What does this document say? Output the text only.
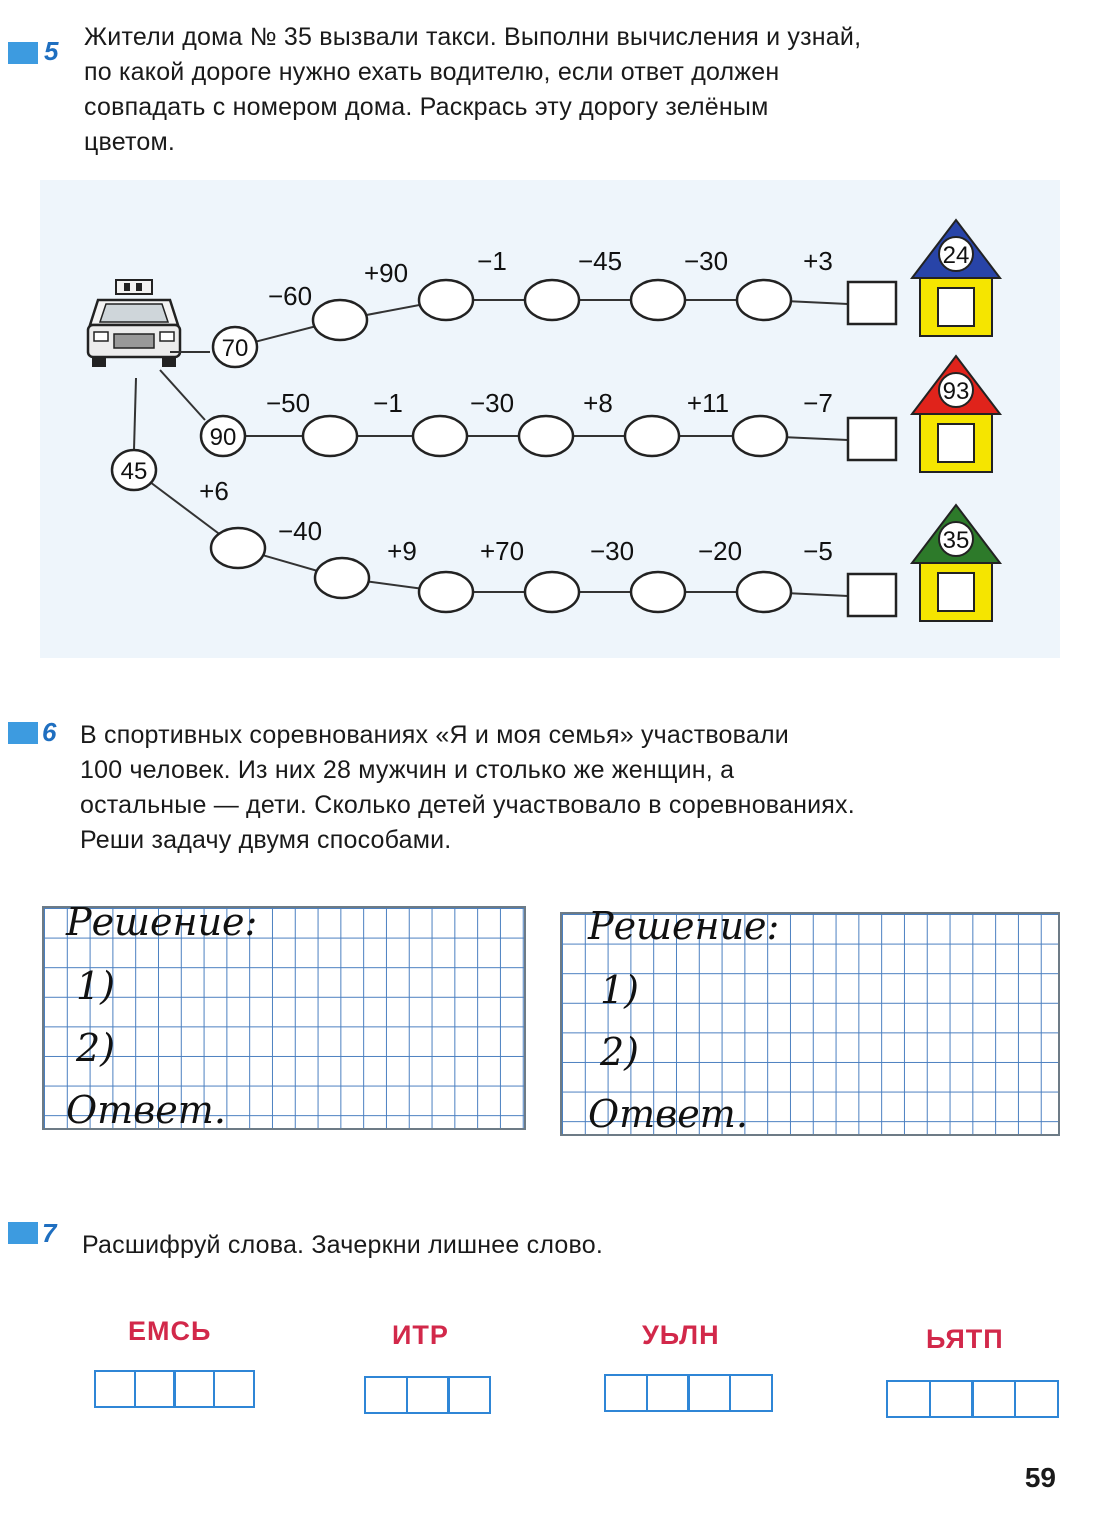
5 Жители дома № 35 вызвали такси. Выполни вычисления и узнай,
по какой дороге нужно ехать водителю, если ответ должен
совпадать с номером дома. Раскрась эту дорогу зелёным
цветом.
70
−60
+90	−1	−45 −30	+3	24
90
−50 −1	−30	+8	+11	−7	93
45
+6
−40
+9 +70	−30 −20 −5	35
6 В спортивных соревнованиях «Я и моя семья» участвовали
100 человек. Из них 28 мужчин и столько же женщин, а
остальные — дети. Сколько детей участвовало в соревнованиях.
Реши задачу двумя способами.
Решение:
1)
2)
Ответ.
Решение:
1)
2)
Ответ.
7 Расшифруй слова. Зачеркни лишнее слово.
ЕМСЬ	ИТР	УЬЛН	ЬЯТП
59
